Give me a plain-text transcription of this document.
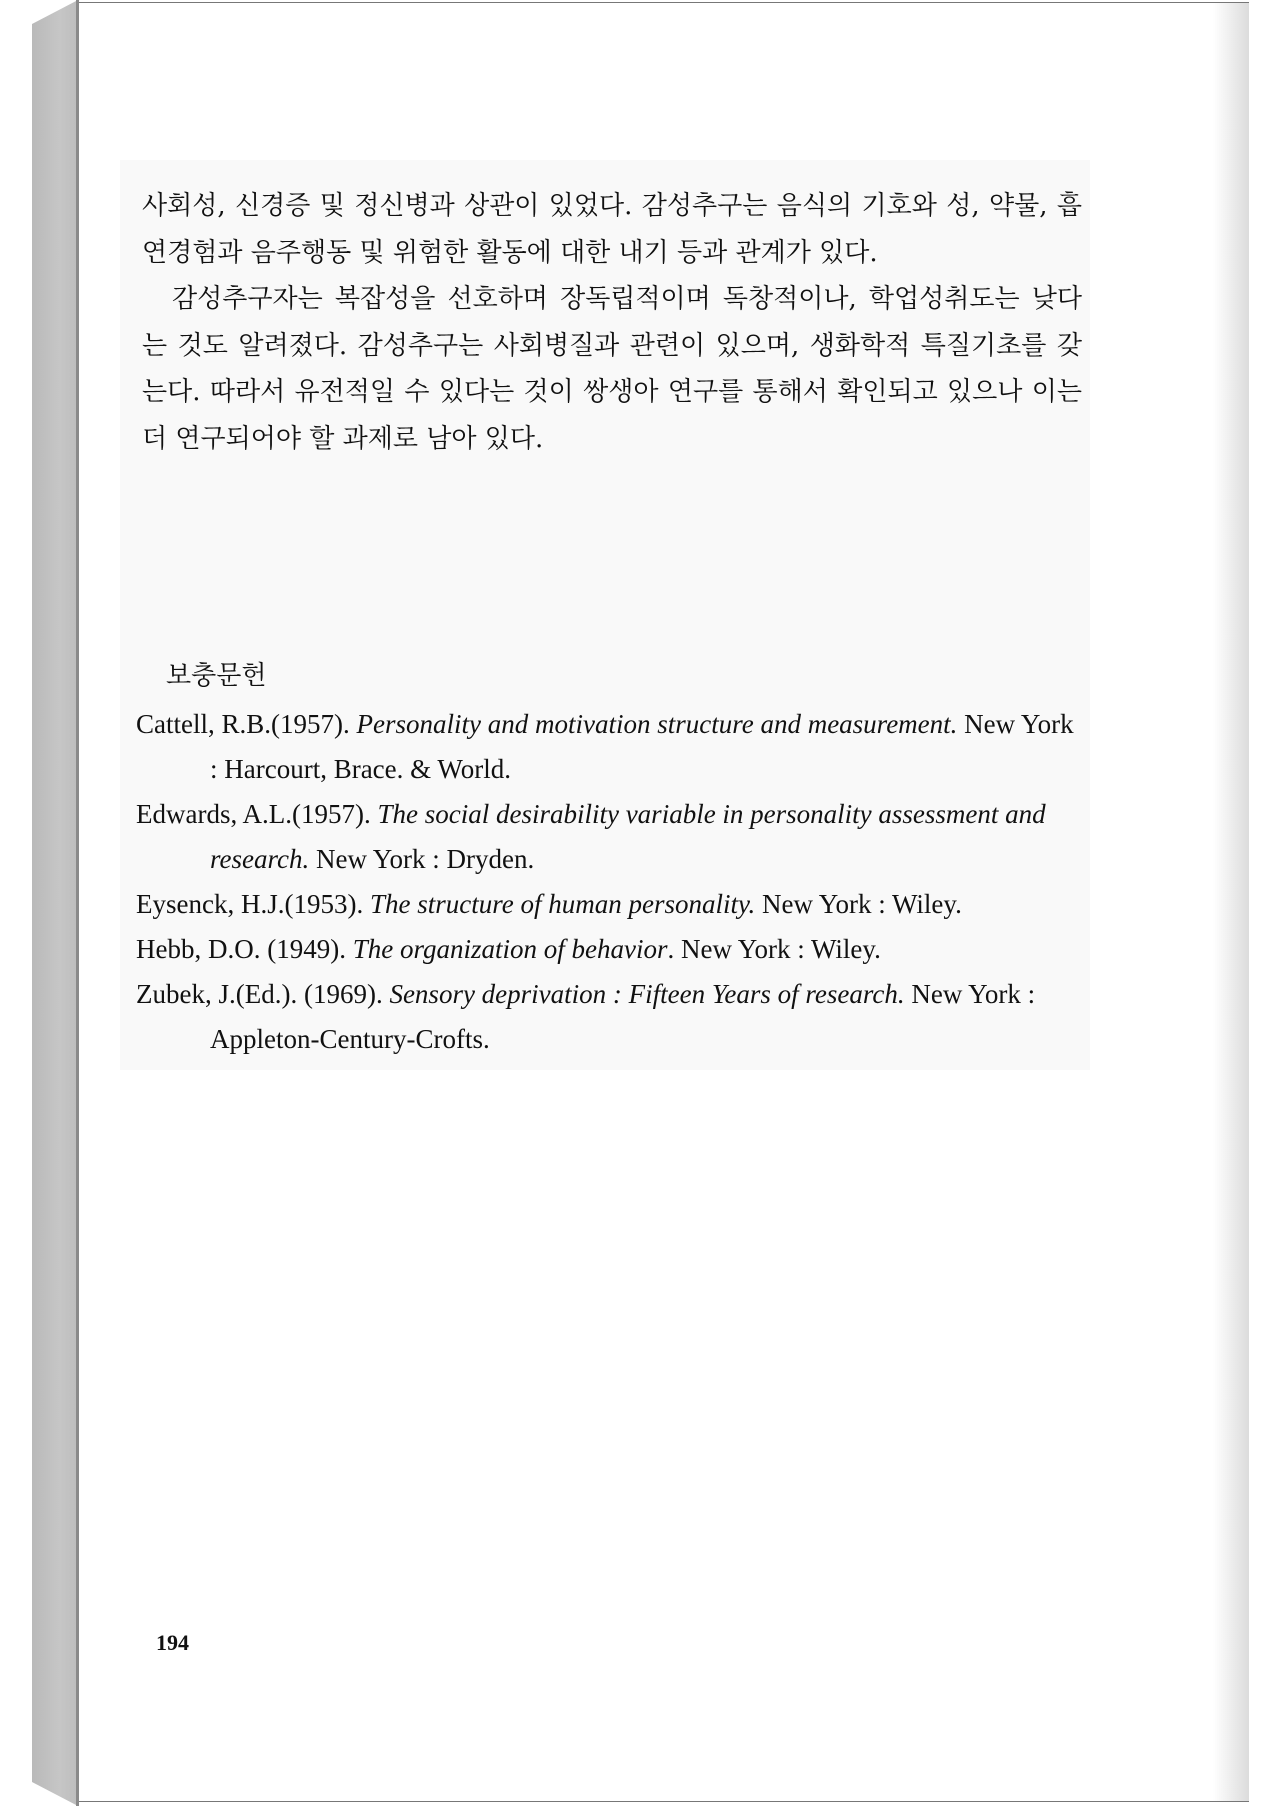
사회성, 신경증 및 정신병과 상관이 있었다. 감성추구는 음식의 기호와 성, 약물, 흡연경험과 음주행동 및 위험한 활동에 대한 내기 등과 관계가 있다.

감성추구자는 복잡성을 선호하며 장독립적이며 독창적이나, 학업성취도는 낮다는 것도 알려졌다. 감성추구는 사회병질과 관련이 있으며, 생화학적 특질기초를 갖는다. 따라서 유전적일 수 있다는 것이 쌍생아 연구를 통해서 확인되고 있으나 이는 더 연구되어야 할 과제로 남아 있다.

보충문헌

Cattell, R.B.(1957). Personality and motivation structure and measurement. New York : Harcourt, Brace. & World.

Edwards, A.L.(1957). The social desirability variable in personality assessment and research. New York : Dryden.

Eysenck, H.J.(1953). The structure of human personality. New York : Wiley.

Hebb, D.O. (1949). The organization of behavior. New York : Wiley.

Zubek, J.(Ed.). (1969). Sensory deprivation : Fifteen Years of research. New York : Appleton-Century-Crofts.

194
